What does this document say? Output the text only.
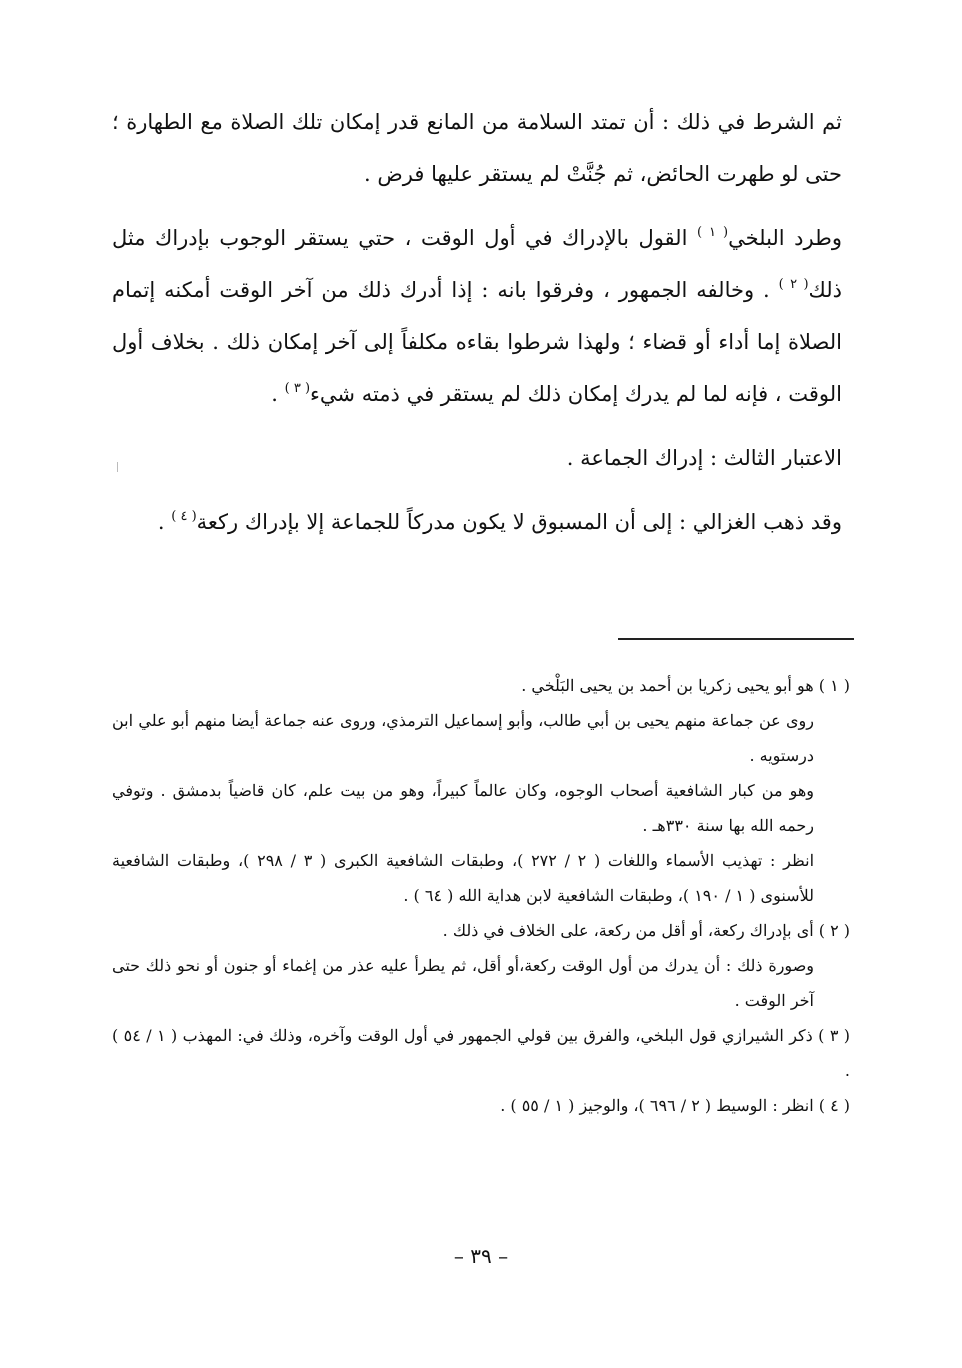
ثم الشرط في ذلك : أن تمتد السلامة من المانع قدر إمكان تلك الصلاة مع الطهارة ؛ حتى لو طهرت الحائض، ثم جُنَّتْ لم يستقر عليها فرض .

وطرد البلخي$^{( ١ )}$ القول بالإدراك في أول الوقت ، حتي يستقر الوجوب بإدراك مثل ذلك$^{( ٢ )}$ . وخالفه الجمهور ، وفرقوا بانه : إذا أدرك ذلك من آخر الوقت أمكنه إتمام الصلاة إما أداء أو قضاء ؛ ولهذا شرطوا بقاءه مكلفاً إلى آخر إمكان ذلك . بخلاف أول الوقت ، فإنه لما لم يدرك إمكان ذلك لم يستقر في ذمته شيء$^{( ٣ )}$ .

الاعتبار الثالث : إدراك الجماعة .

وقد ذهب الغزالي : إلى أن المسبوق لا يكون مدركاً للجماعة إلا بإدراك ركعة$^{( ٤ )}$ .

( ١ ) هو أبو يحيى زكريا بن أحمد بن يحيى البَلْخي .

روى عن جماعة منهم يحيى بن أبي طالب، وأبو إسماعيل الترمذي، وروى عنه جماعة أيضا منهم أبو علي ابن درستويه .

وهو من كبار الشافعية أصحاب الوجوه، وكان عالماً كبيراً، وهو من بيت علم، كان قاضياً بدمشق . وتوفي رحمه الله بها سنة ٣٣٠هـ .

انظر : تهذيب الأسماء واللغات ( ٢ / ٢٧٢ )، وطبقات الشافعية الكبرى ( ٣ / ٢٩٨ )، وطبقات الشافعية للأسنوى ( ١ / ١٩٠ )، وطبقات الشافعية لابن هداية الله ( ٦٤ ) .

( ٢ ) أى بإدراك ركعة، أو أقل من ركعة، على الخلاف في ذلك .

وصورة ذلك : أن يدرك من أول الوقت ركعة،أو أقل، ثم يطرأ عليه عذر من إغماء أو جنون أو نحو ذلك حتى آخر الوقت .

( ٣ ) ذكر الشيرازي قول البلخي، والفرق بين قولي الجمهور في أول الوقت وآخره، وذلك في: المهذب ( ١ / ٥٤ ) .

( ٤ ) انظر : الوسيط ( ٢ / ٦٩٦ )، والوجيز ( ١ / ٥٥ ) .

– ٣٩ –
